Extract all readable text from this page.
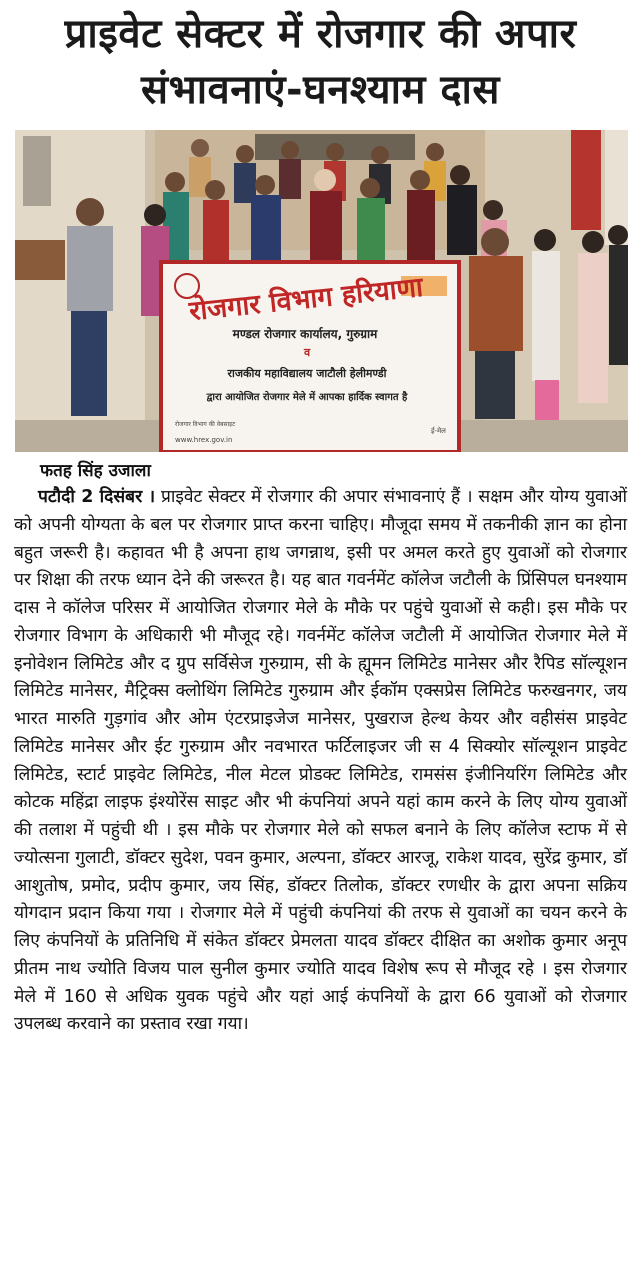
प्राइवेट सेक्टर में रोजगार की अपार
संभावनाएं-घनश्याम दास
रोजगार विभाग हरियाणा
मण्डल रोजगार कार्यालय, गुरुग्राम
व
राजकीय महाविद्यालय जाटौली हेलीमण्डी
द्वारा आयोजित रोजगार मेले में आपका हार्दिक स्वागत है
रोजगार विभाग की वेबसाइट
www.hrex.gov.in
ई-मेल
फतह सिंह उजाला
पटौदी 2 दिसंबर । प्राइवेट सेक्टर में रोजगार की अपार संभावनाएं हैं । सक्षम और योग्य युवाओं को अपनी योग्यता के बल पर रोजगार प्राप्त करना चाहिए। मौजूदा समय में तकनीकी ज्ञान का होना बहुत जरूरी है। कहावत भी है अपना हाथ जगन्नाथ, इसी पर अमल करते हुए युवाओं को रोजगार पर शिक्षा की तरफ ध्यान देने की जरूरत है। यह बात गवर्नमेंट कॉलेज जटौली के प्रिंसिपल घनश्याम दास ने कॉलेज परिसर में आयोजित रोजगार मेले के मौके पर पहुंचे युवाओं से कही। इस मौके पर रोजगार विभाग के अधिकारी भी मौजूद रहे। गवर्नमेंट कॉलेज जटौली में आयोजित रोजगार मेले में इनोवेशन लिमिटेड और द ग्रुप सर्विसेज गुरुग्राम, सी के ह्यूमन लिमिटेड मानेसर और रैपिड सॉल्यूशन लिमिटेड मानेसर, मैट्रिक्स क्लोथिंग लिमिटेड गुरुग्राम और ईकॉम एक्सप्रेस लिमिटेड फरुखनगर, जय भारत मारुति गुड़गांव और ओम एंटरप्राइजेज मानेसर, पुखराज हेल्थ केयर और वहीसंस प्राइवेट लिमिटेड मानेसर और ईट गुरुग्राम और नवभारत फर्टिलाइजर जी स 4 सिक्योर सॉल्यूशन प्राइवेट लिमिटेड, स्टार्ट प्राइवेट लिमिटेड, नील मेटल प्रोडक्ट लिमिटेड, रामसंस इंजीनियरिंग लिमिटेड और कोटक महिंद्रा लाइफ इंश्योरेंस साइट और भी कंपनियां अपने यहां काम करने के लिए योग्य युवाओं की तलाश में पहुंची थी । इस मौके पर रोजगार मेले को सफल बनाने के लिए कॉलेज स्टाफ में से ज्योत्सना गुलाटी, डॉक्टर सुदेश, पवन कुमार, अल्पना, डॉक्टर आरजू, राकेश यादव, सुरेंद्र कुमार, डॉ आशुतोष, प्रमोद, प्रदीप कुमार, जय सिंह, डॉक्टर तिलोक, डॉक्टर रणधीर के द्वारा अपना सक्रिय योगदान प्रदान किया गया । रोजगार मेले में पहुंची कंपनियां की तरफ से युवाओं का चयन करने के लिए कंपनियों के प्रतिनिधि में संकेत डॉक्टर प्रेमलता यादव डॉक्टर दीक्षित का अशोक कुमार अनूप प्रीतम नाथ ज्योति विजय पाल सुनील कुमार ज्योति यादव विशेष रूप से मौजूद रहे । इस रोजगार मेले में 160 से अधिक युवक पहुंचे और यहां आई कंपनियों के द्वारा 66 युवाओं को रोजगार उपलब्ध करवाने का प्रस्ताव रखा गया।
